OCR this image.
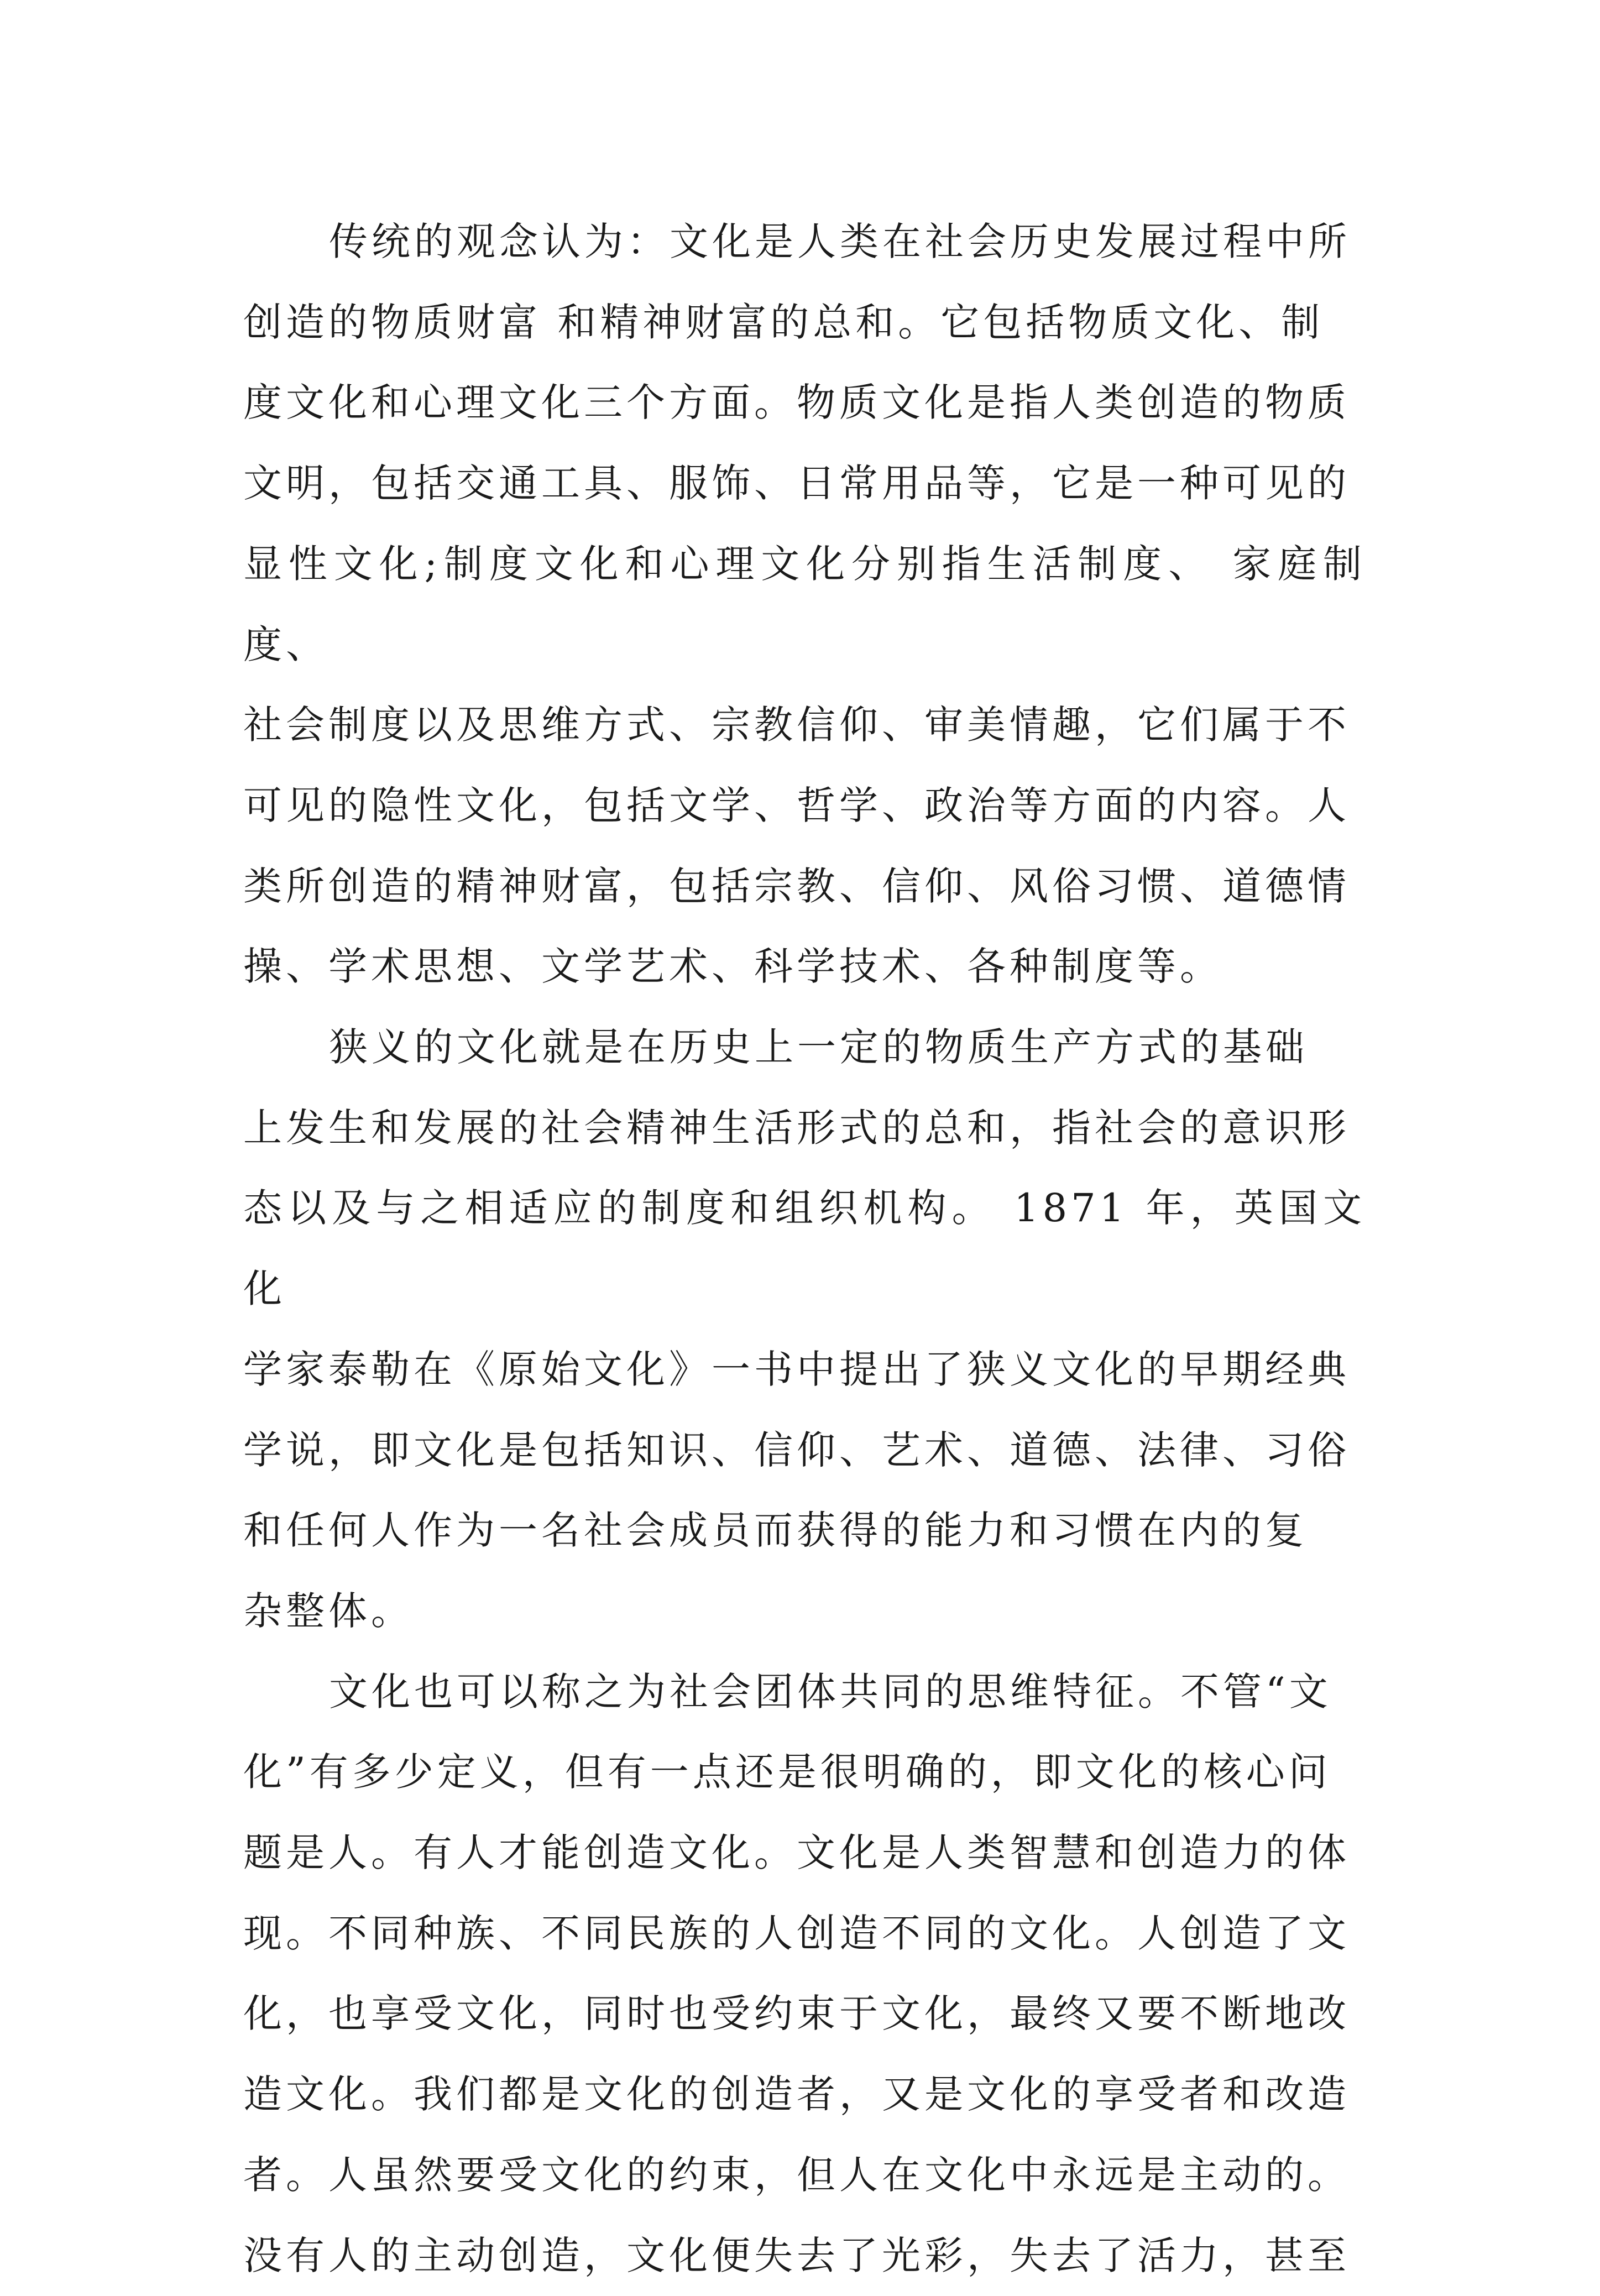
传统的观念认为：文化是人类在社会历史发展过程中所
创造的物质财富 和精神财富的总和。它包括物质文化、制
度文化和心理文化三个方面。物质文化是指人类创造的物质
文明，包括交通工具、服饰、日常用品等，它是一种可见的
显性文化;制度文化和心理文化分别指生活制度、 家庭制度、
社会制度以及思维方式、宗教信仰、审美情趣，它们属于不
可见的隐性文化，包括文学、哲学、政治等方面的内容。人
类所创造的精神财富，包括宗教、信仰、风俗习惯、道德情
操、学术思想、文学艺术、科学技术、各种制度等。

狭义的文化就是在历史上一定的物质生产方式的基础
上发生和发展的社会精神生活形式的总和，指社会的意识形
态以及与之相适应的制度和组织机构。 1871 年，英国文化
学家泰勒在《原始文化》一书中提出了狭义文化的早期经典
学说，即文化是包括知识、信仰、艺术、道德、法律、习俗
和任何人作为一名社会成员而获得的能力和习惯在内的复
杂整体。

文化也可以称之为社会团体共同的思维特征。不管“文
化”有多少定义，但有一点还是很明确的，即文化的核心问
题是人。有人才能创造文化。文化是人类智慧和创造力的体
现。不同种族、不同民族的人创造不同的文化。人创造了文
化，也享受文化，同时也受约束于文化，最终又要不断地改
造文化。我们都是文化的创造者，又是文化的享受者和改造
者。人虽然要受文化的约束，但人在文化中永远是主动的。
没有人的主动创造，文化便失去了光彩，失去了活力，甚至
